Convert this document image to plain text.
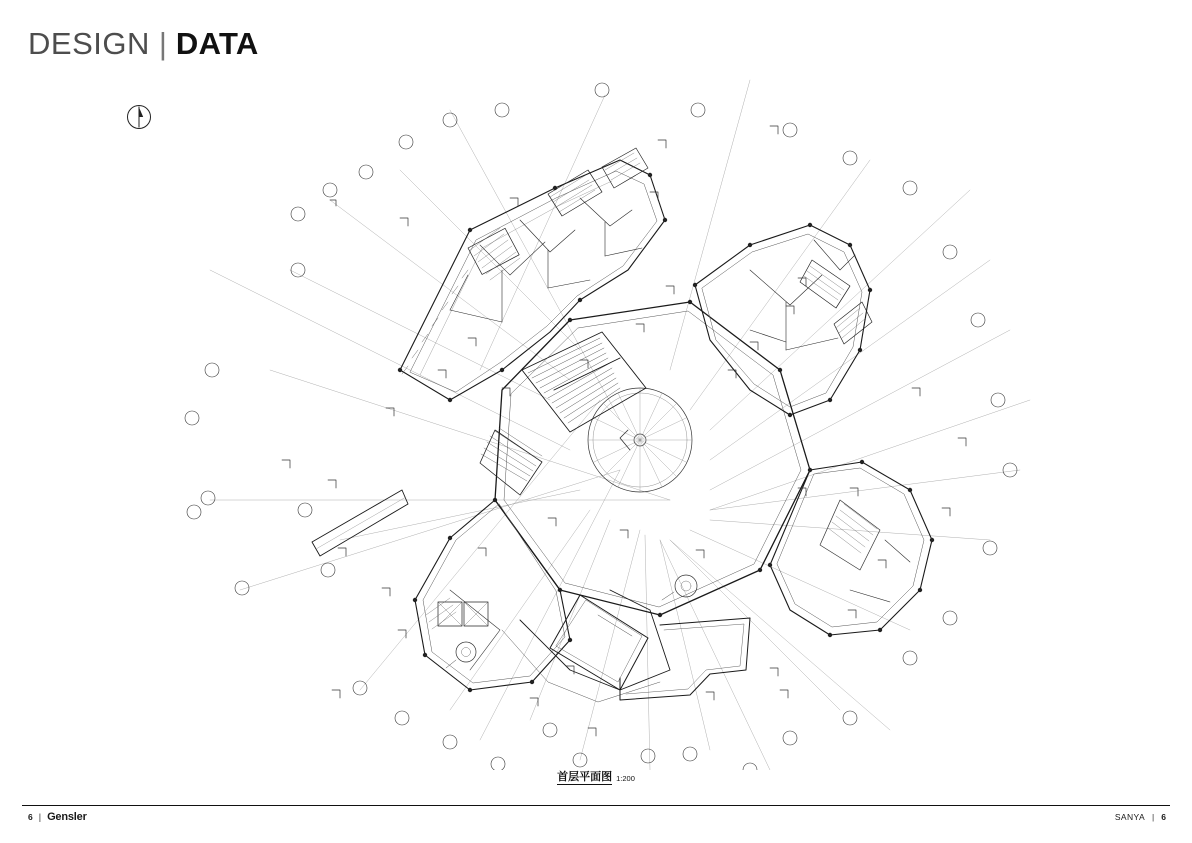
DESIGN | DATA
首层平面图 1:200
6 | Gensler	SANYA | 6
